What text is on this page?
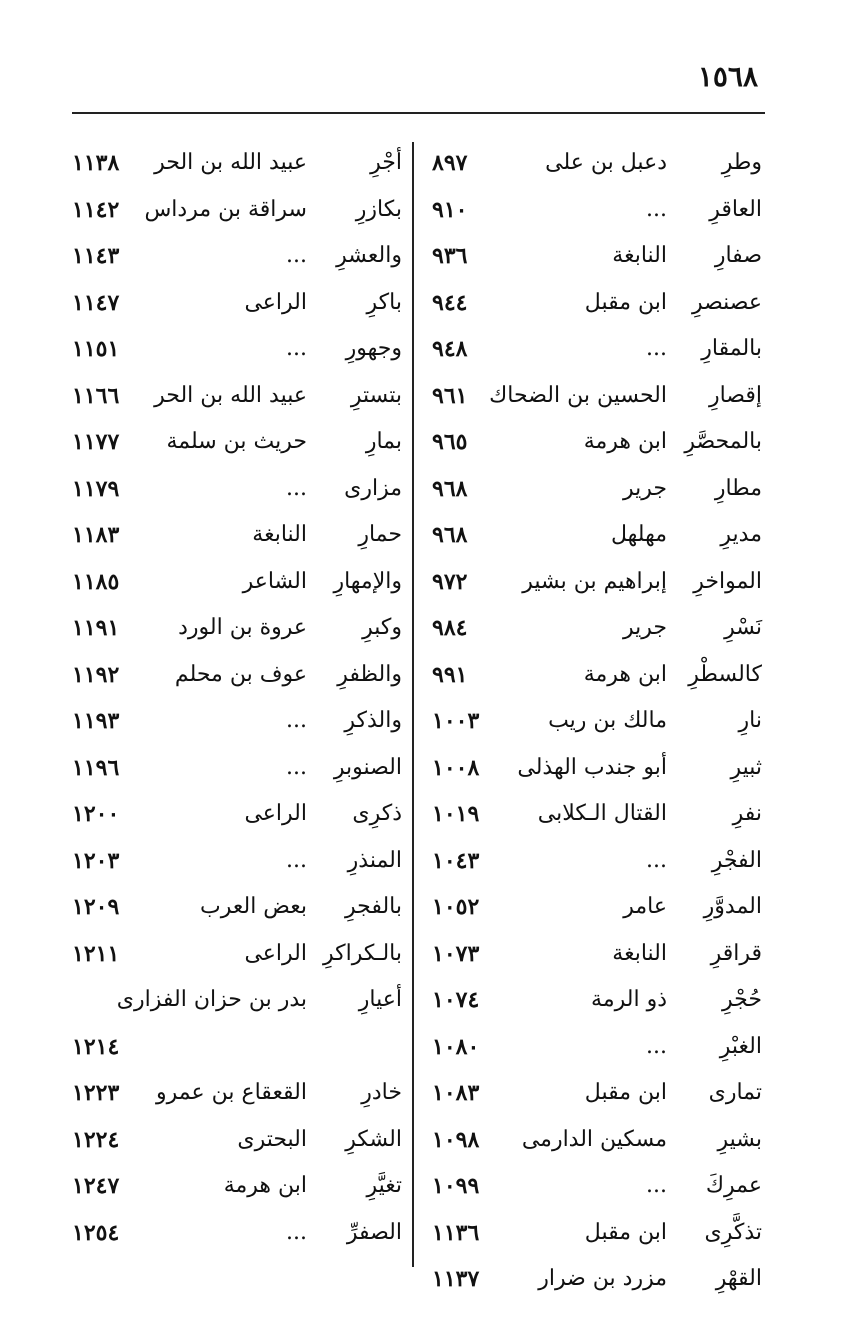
١٥٦٨
وطرِ
دعبل بن على
٨٩٧
العاقرِ
...
٩١٠
صفارِ
النابغة
٩٣٦
عصنصرِ
ابن مقبل
٩٤٤
بالمقارِ
...
٩٤٨
إقصارِ
الحسين بن الضحاك
٩٦١
بالمحصَّرِ
ابن هرمة
٩٦٥
مطارِ
جرير
٩٦٨
مديرِ
مهلهل
٩٦٨
المواخرِ
إبراهيم بن بشير
٩٧٢
نَسْرِ
جرير
٩٨٤
كالسطْرِ
ابن هرمة
٩٩١
نارِ
مالك بن ريب
١٠٠٣
ثبيرِ
أبو جندب الهذلى
١٠٠٨
نفرِ
القتال الـكلابى
١٠١٩
الفجْرِ
...
١٠٤٣
المدوَّرِ
عامر
١٠٥٢
قراقرِ
النابغة
١٠٧٣
حُجْرِ
ذو الرمة
١٠٧٤
الغبْرِ
...
١٠٨٠
تمارى
ابن مقبل
١٠٨٣
بشيرِ
مسكين الدارمى
١٠٩٨
عمرِكَ
...
١٠٩٩
تذكَّرِى
ابن مقبل
١١٣٦
القهْرِ
مزرد بن ضرار
١١٣٧
أجْرِ
عبيد الله بن الحر
١١٣٨
بكازرِ
سراقة بن مرداس
١١٤٢
والعشرِ
...
١١٤٣
باكرِ
الراعى
١١٤٧
وجهورِ
...
١١٥١
بتسترِ
عبيد الله بن الحر
١١٦٦
بمارِ
حريث بن سلمة
١١٧٧
مزارى
...
١١٧٩
حمارِ
النابغة
١١٨٣
والإمهارِ
الشاعر
١١٨٥
وكبرِ
عروة بن الورد
١١٩١
والظفرِ
عوف بن محلم
١١٩٢
والذكرِ
...
١١٩٣
الصنوبرِ
...
١١٩٦
ذكرِى
الراعى
١٢٠٠
المنذرِ
...
١٢٠٣
بالفجرِ
بعض العرب
١٢٠٩
بالـكراكرِ
الراعى
١٢١١
أعيارِ
بدر بن حزان الفزارى
١٢١٤
خادرِ
القعقاع بن عمرو
١٢٢٣
الشكرِ
البحترى
١٢٢٤
تغيَّرِ
ابن هرمة
١٢٤٧
الصفرِّ
...
١٢٥٤
